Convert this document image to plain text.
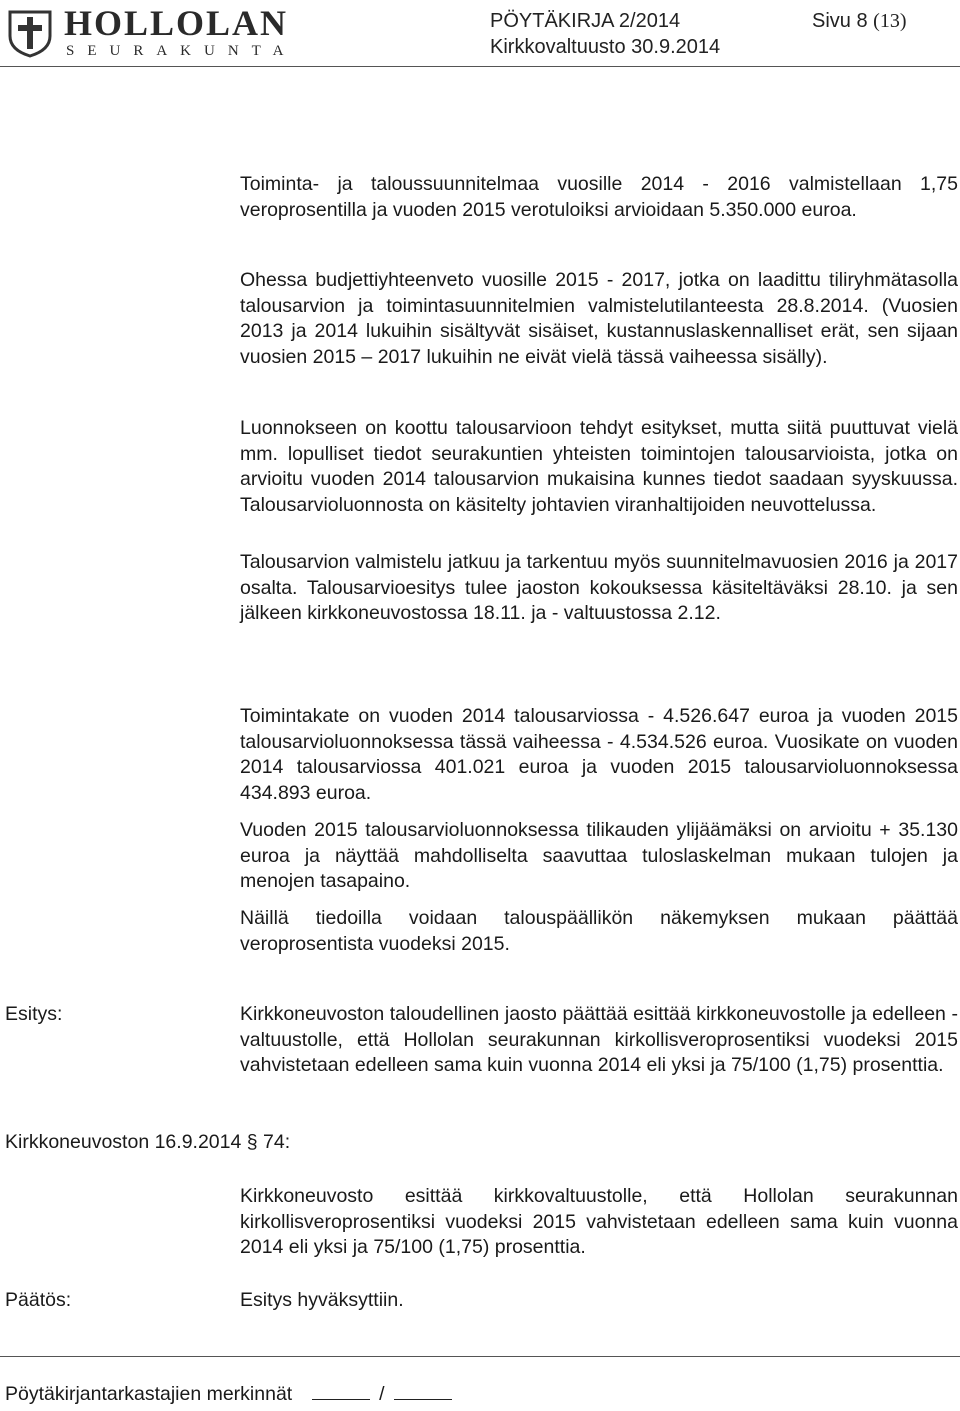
HOLLOLAN
SEURAKUNTA
PÖYTÄKIRJA 2/2014	Sivu 8 (13)
Kirkkovaltuusto 30.9.2014

Toiminta- ja taloussuunnitelmaa vuosille 2014 - 2016 valmistellaan 1,75 veroprosentilla ja vuoden 2015 verotuloiksi arvioidaan 5.350.000 euroa.

Ohessa budjettiyhteenveto vuosille 2015 - 2017, jotka on laadittu tiliryhmätasolla talousarvion ja toimintasuunnitelmien valmistelutilanteesta 28.8.2014. (Vuosien 2013 ja 2014 lukuihin sisältyvät sisäiset, kustannuslaskennalliset erät, sen sijaan vuosien 2015 – 2017 lukuihin ne eivät vielä tässä vaiheessa sisälly).

Luonnokseen on koottu talousarvioon tehdyt esitykset, mutta siitä puuttuvat vielä mm. lopulliset tiedot seurakuntien yhteisten toimintojen talousarvioista, jotka on arvioitu vuoden 2014 talousarvion mukaisina kunnes tiedot saadaan syyskuussa. Talousarvioluonnosta on käsitelty johtavien viranhaltijoiden neuvottelussa.

Talousarvion valmistelu jatkuu ja tarkentuu myös suunnitelmavuosien 2016 ja 2017 osalta. Talousarvioesitys tulee jaoston kokouksessa käsiteltäväksi 28.10. ja sen jälkeen kirkkoneuvostossa 18.11. ja - valtuustossa 2.12.

Toimintakate on vuoden 2014 talousarviossa - 4.526.647 euroa ja vuoden 2015 talousarvioluonnoksessa tässä vaiheessa - 4.534.526 euroa. Vuosikate on vuoden 2014 talousarviossa 401.021 euroa ja vuoden 2015 talousarvioluonnoksessa 434.893 euroa.

Vuoden 2015 talousarvioluonnoksessa tilikauden ylijäämäksi on arvioitu + 35.130 euroa ja näyttää mahdolliselta saavuttaa tuloslaskelman mukaan tulojen ja menojen tasapaino.

Näillä tiedoilla voidaan talouspäällikön näkemyksen mukaan päättää veroprosentista vuodeksi 2015.

Esitys:	Kirkkoneuvoston taloudellinen jaosto päättää esittää kirkkoneuvostolle ja edelleen -valtuustolle, että Hollolan seurakunnan kirkollisveroprosentiksi vuodeksi 2015 vahvistetaan edelleen sama kuin vuonna 2014 eli yksi ja 75/100 (1,75) prosenttia.

Kirkkoneuvoston 16.9.2014 § 74:

Kirkkoneuvosto esittää kirkkovaltuustolle, että Hollolan seurakunnan kirkollisveroprosentiksi vuodeksi 2015 vahvistetaan edelleen sama kuin vuonna 2014 eli yksi ja 75/100 (1,75) prosenttia.

Päätös:	Esitys hyväksyttiin.

Pöytäkirjantarkastajien merkinnät	/
